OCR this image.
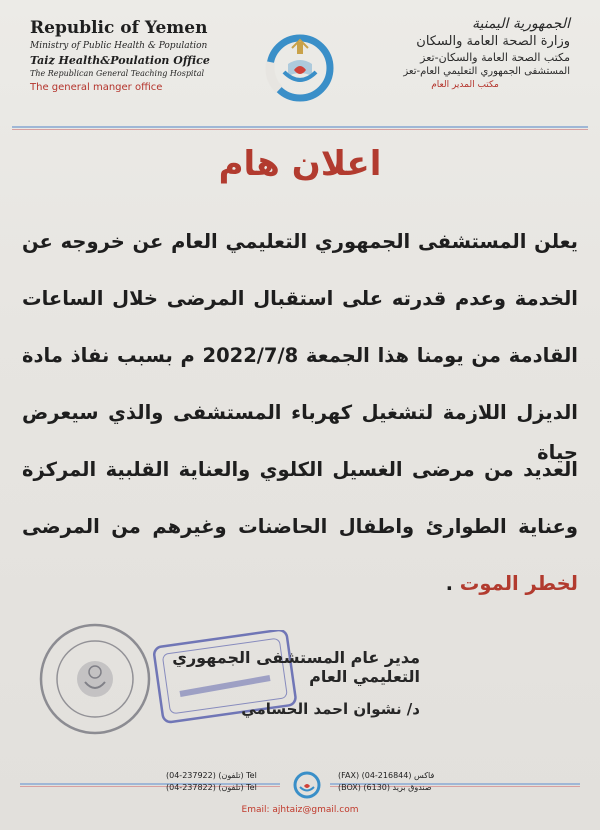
Republic of Yemen
Ministry of Public Health & Population
Taiz Health&Poulation Office
The Republican General Teaching Hospital
The general manger office
الجمهورية اليمنية
وزارة الصحة العامة والسكان
مكتب الصحة العامة والسكان-تعز
المستشفى الجمهوري التعليمي العام-تعز
مكتب المدير العام
اعلان هام
يعلن المستشفى الجمهوري التعليمي العام عن خروجه عن
الخدمة وعدم قدرته على استقبال المرضى خلال الساعات
القادمة من يومنا هذا الجمعة 2022/7/8 م بسبب نفاذ مادة
الديزل اللازمة لتشغيل كهرباء المستشفى والذي سيعرض حياة
العديد من مرضى الغسيل الكلوي والعناية القلبية المركزة
وعناية الطوارئ واطفال الحاضنات وغيرهم من المرضى
لخطر الموت .
مدير عام المستشفى الجمهوري التعليمي العام
د/ نشوان احمد الحسامي
(04-237922) (تلفون) Tel
(04-237822) (تلفون) Tel
(FAX) (04-216844) فاكس
(BOX) (6130) صندوق بريد
Email: ajhtaiz@gmail.com
